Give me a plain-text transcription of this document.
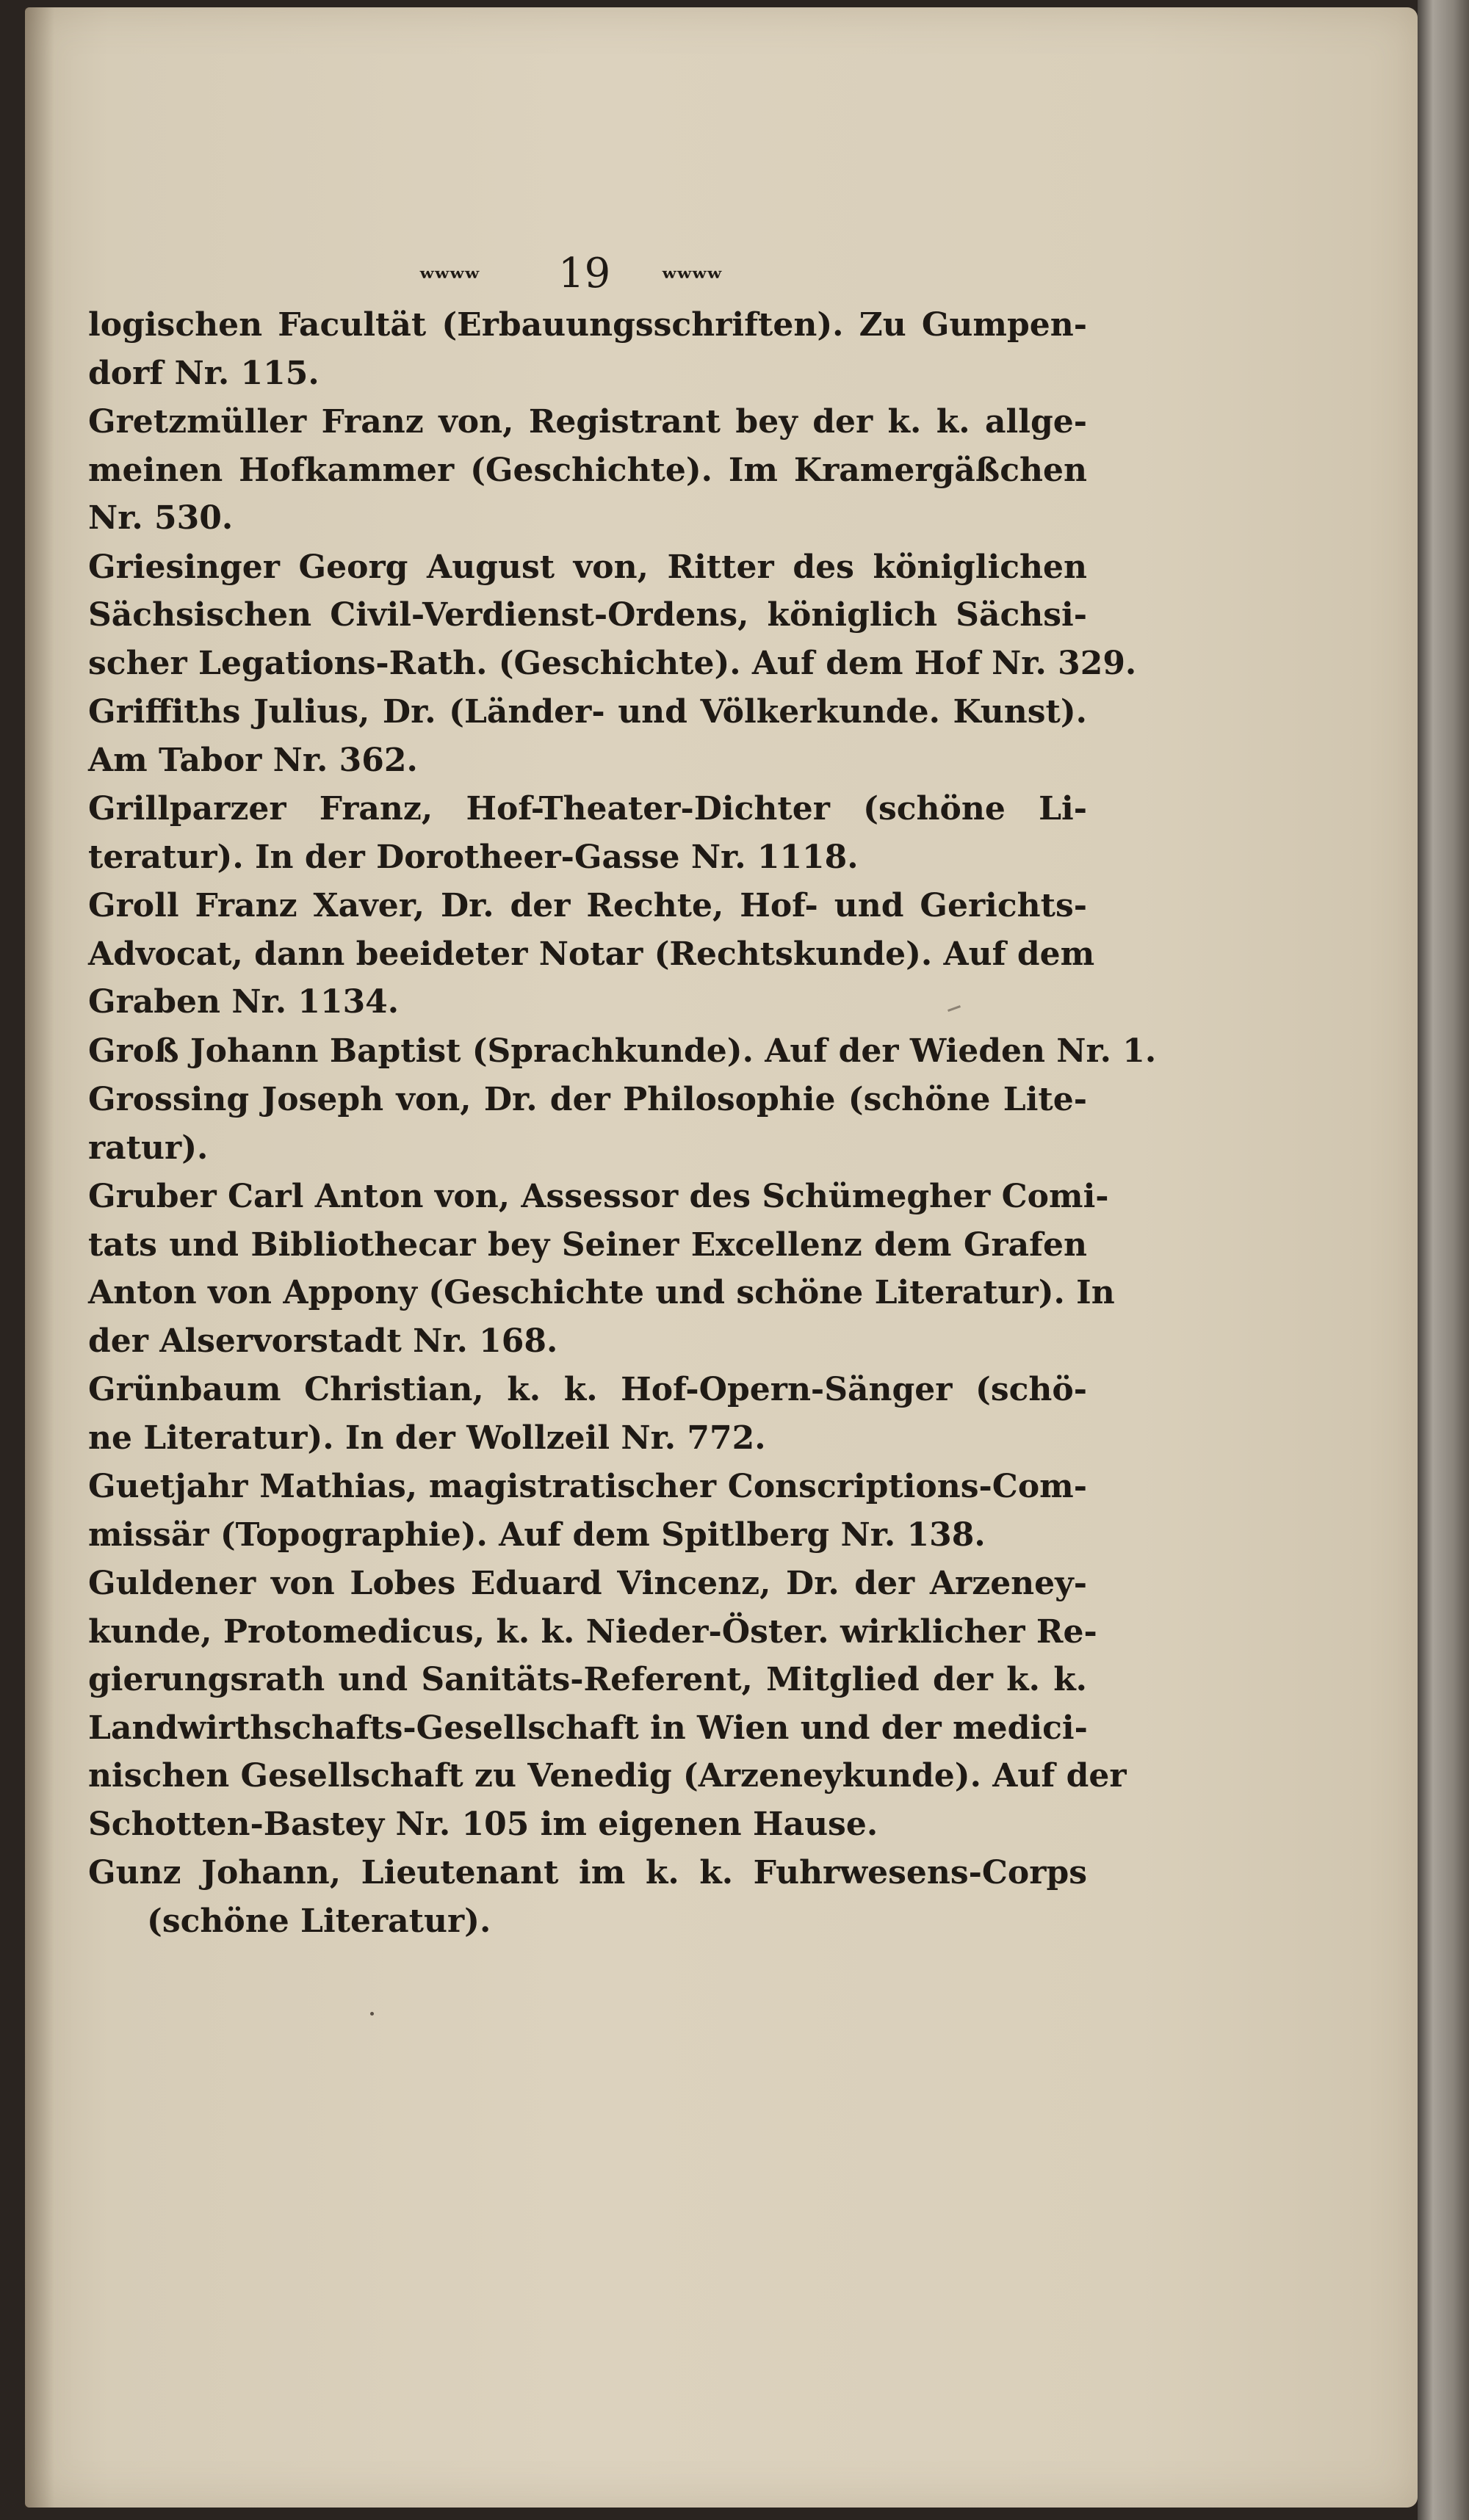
ʷʷʷʷ 19 ʷʷʷʷ
logischen Facultät (Erbauungsschriften). Zu Gumpen-
dorf Nr. 115.
Gretzmüller Franz von, Registrant bey der k. k. allge-
meinen Hofkammer (Geschichte). Im Kramergäßchen
Nr. 530.
Griesinger Georg August von, Ritter des königlichen
Sächsischen Civil-Verdienst-Ordens, königlich Sächsi-
scher Legations-Rath. (Geschichte). Auf dem Hof Nr. 329.
Griffiths Julius, Dr. (Länder- und Völkerkunde. Kunst).
Am Tabor Nr. 362.
Grillparzer Franz, Hof-Theater-Dichter (schöne Li-
teratur). In der Dorotheer-Gasse Nr. 1118.
Groll Franz Xaver, Dr. der Rechte, Hof- und Gerichts-
Advocat, dann beeideter Notar (Rechtskunde). Auf dem
Graben Nr. 1134.
Groß Johann Baptist (Sprachkunde). Auf der Wieden Nr. 1.
Grossing Joseph von, Dr. der Philosophie (schöne Lite-
ratur).
Gruber Carl Anton von, Assessor des Schümegher Comi-
tats und Bibliothecar bey Seiner Excellenz dem Grafen
Anton von Appony (Geschichte und schöne Literatur). In
der Alservorstadt Nr. 168.
Grünbaum Christian, k. k. Hof-Opern-Sänger (schö-
ne Literatur). In der Wollzeil Nr. 772.
Guetjahr Mathias, magistratischer Conscriptions-Com-
missär (Topographie). Auf dem Spitlberg Nr. 138.
Guldener von Lobes Eduard Vincenz, Dr. der Arzeney-
kunde, Protomedicus, k. k. Nieder-Öster. wirklicher Re-
gierungsrath und Sanitäts-Referent, Mitglied der k. k.
Landwirthschafts-Gesellschaft in Wien und der medici-
nischen Gesellschaft zu Venedig (Arzeneykunde). Auf der
Schotten-Bastey Nr. 105 im eigenen Hause.
Gunz Johann, Lieutenant im k. k. Fuhrwesens-Corps
(schöne Literatur).
